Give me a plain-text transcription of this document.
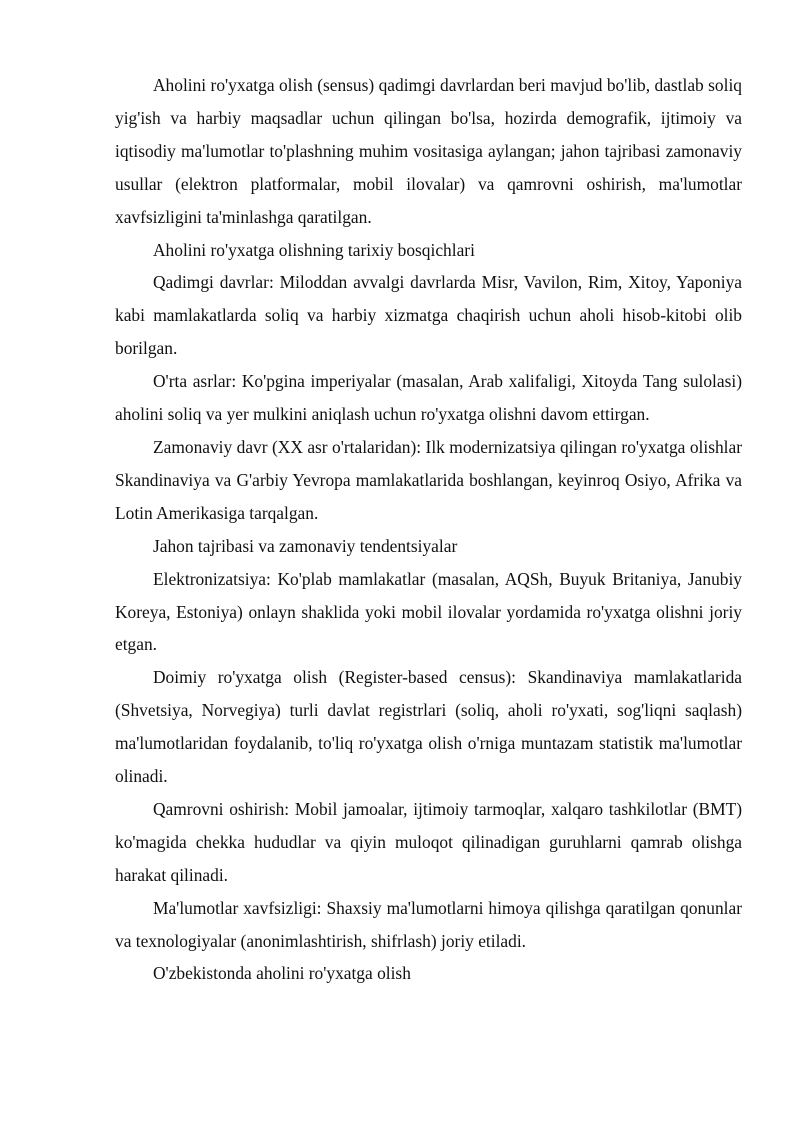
Aholini ro'yxatga olish (sensus) qadimgi davrlardan beri mavjud bo'lib, dastlab soliq yig'ish va harbiy maqsadlar uchun qilingan bo'lsa, hozirda demografik, ijtimoiy va iqtisodiy ma'lumotlar to'plashning muhim vositasiga aylangan; jahon tajribasi zamonaviy usullar (elektron platformalar, mobil ilovalar) va qamrovni oshirish, ma'lumotlar xavfsizligini ta'minlashga qaratilgan.

Aholini ro'yxatga olishning tarixiy bosqichlari

Qadimgi davrlar: Miloddan avvalgi davrlarda Misr, Vavilon, Rim, Xitoy, Yaponiya kabi mamlakatlarda soliq va harbiy xizmatga chaqirish uchun aholi hisob-kitobi olib borilgan.

O'rta asrlar: Ko'pgina imperiyalar (masalan, Arab xalifaligi, Xitoyda Tang sulolasi) aholini soliq va yer mulkini aniqlash uchun ro'yxatga olishni davom ettirgan.

Zamonaviy davr (XX asr o'rtalaridan): Ilk modernizatsiya qilingan ro'yxatga olishlar Skandinaviya va G'arbiy Yevropa mamlakatlarida boshlangan, keyinroq Osiyo, Afrika va Lotin Amerikasiga tarqalgan.

Jahon tajribasi va zamonaviy tendentsiyalar

Elektronizatsiya: Ko'plab mamlakatlar (masalan, AQSh, Buyuk Britaniya, Janubiy Koreya, Estoniya) onlayn shaklida yoki mobil ilovalar yordamida ro'yxatga olishni joriy etgan.

Doimiy ro'yxatga olish (Register-based census): Skandinaviya mamlakatlarida (Shvetsiya, Norvegiya) turli davlat registrlari (soliq, aholi ro'yxati, sog'liqni saqlash) ma'lumotlaridan foydalanib, to'liq ro'yxatga olish o'rniga muntazam statistik ma'lumotlar olinadi.

Qamrovni oshirish: Mobil jamoalar, ijtimoiy tarmoqlar, xalqaro tashkilotlar (BMT) ko'magida chekka hududlar va qiyin muloqot qilinadigan guruhlarni qamrab olishga harakat qilinadi.

Ma'lumotlar xavfsizligi: Shaxsiy ma'lumotlarni himoya qilishga qaratilgan qonunlar va texnologiyalar (anonimlashtirish, shifrlash) joriy etiladi.

O'zbekistonda aholini ro'yxatga olish
